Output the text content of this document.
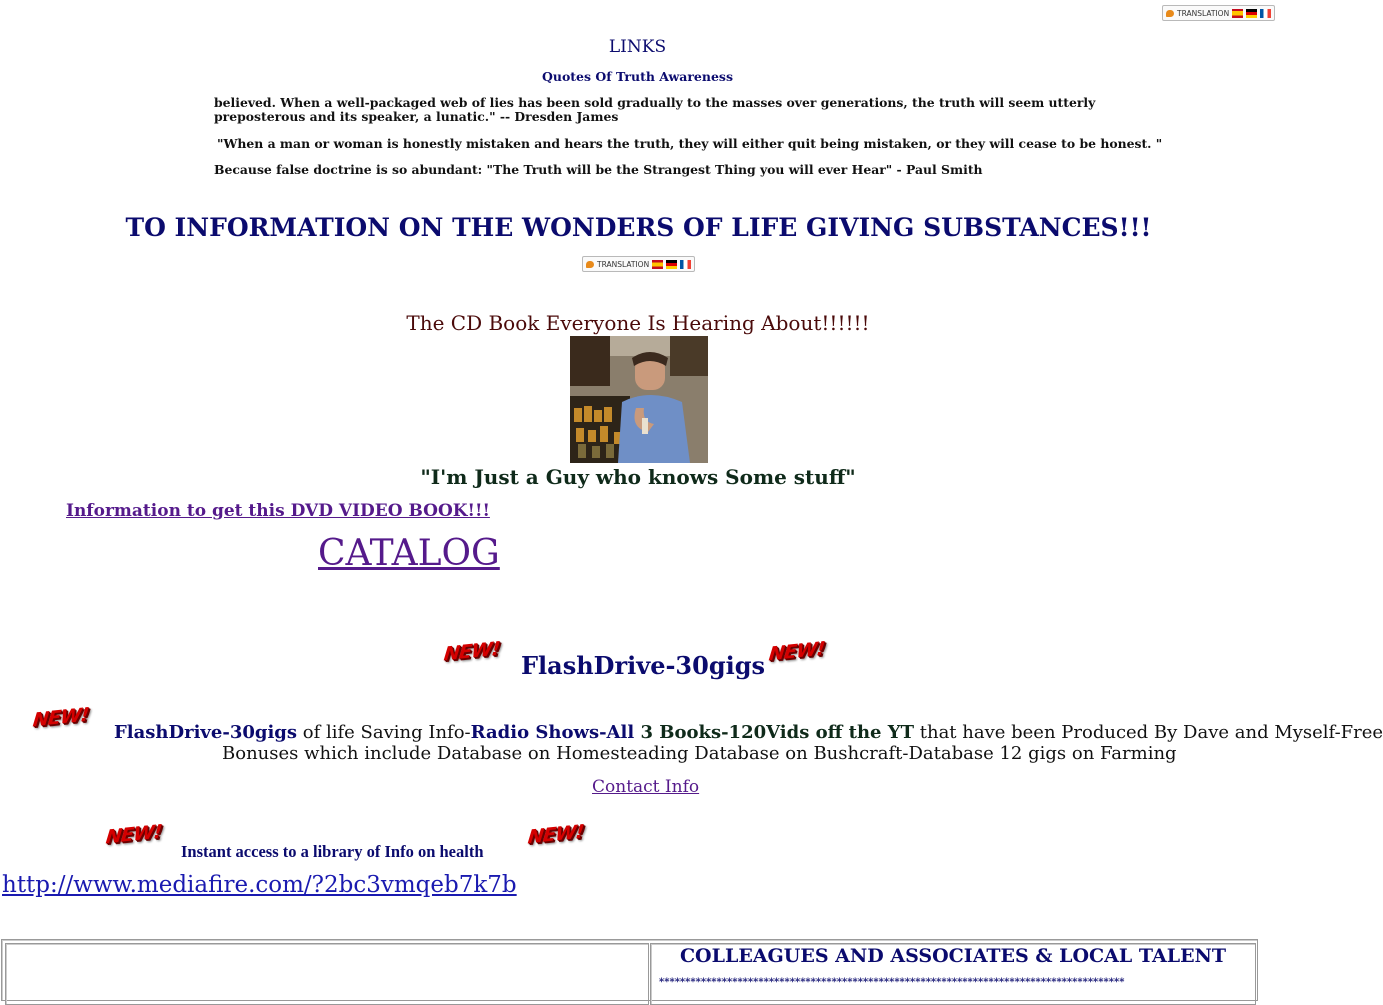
TRANSLATION
LINKS
Quotes Of Truth Awareness
believed. When a well-packaged web of lies has been sold gradually to the masses over generations, the truth will seem utterly
preposterous and its speaker, a lunatic." -- Dresden James
"When a man or woman is honestly mistaken and hears the truth, they will either quit being mistaken, or they will cease to be honest. "
Because false doctrine is so abundant: "The Truth will be the Strangest Thing you will ever Hear" - Paul Smith
TO INFORMATION ON THE WONDERS OF LIFE GIVING SUBSTANCES!!!
TRANSLATION
The CD Book Everyone Is Hearing About!!!!!!
"I'm Just a Guy who knows Some stuff"
Information to get this DVD VIDEO BOOK!!!
CATALOG
NEW! FlashDrive-30gigs NEW!
NEW!
FlashDrive-30gigs of life Saving Info-Radio Shows-All 3 Books-120Vids off the YT that have been Produced By Dave and Myself-Free
Bonuses which include Database on Homesteading Database on Bushcraft-Database 12 gigs on Farming
Contact Info
NEW!
Instant access to a library of Info on health
NEW!
http://www.mediafire.com/?2bc3vmqeb7k7b
COLLEAGUES AND ASSOCIATES & LOCAL TALENT
*****************************************************************************************
